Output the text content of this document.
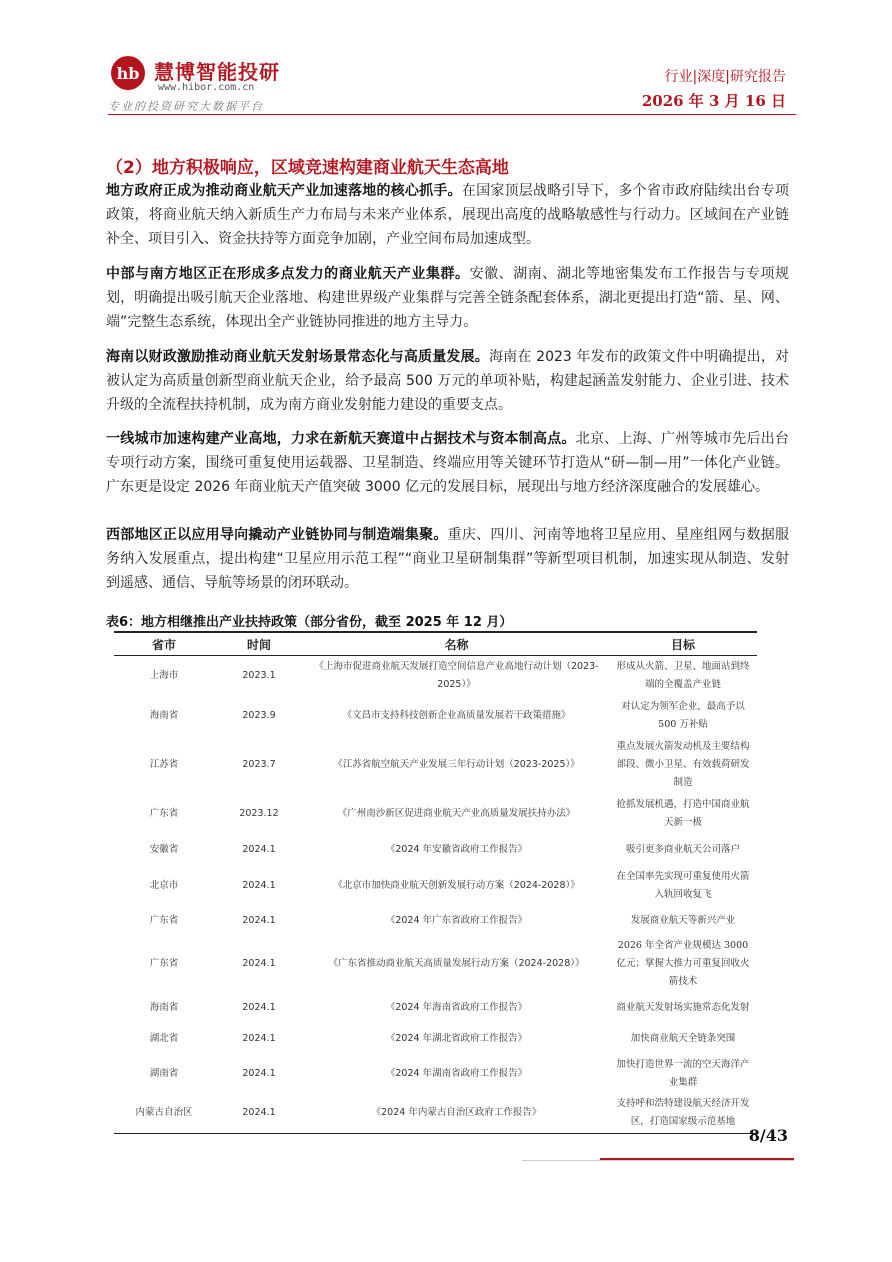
hb 慧博智能投研
www.hibor.com.cn
专业的投资研究大数据平台
行业|深度|研究报告
2026 年 3 月 16 日
（2）地方积极响应，区域竞速构建商业航天生态高地
地方政府正成为推动商业航天产业加速落地的核心抓手。在国家顶层战略引导下，多个省市政府陆续出台专项政策，将商业航天纳入新质生产力布局与未来产业体系，展现出高度的战略敏感性与行动力。区域间在产业链补全、项目引入、资金扶持等方面竞争加剧，产业空间布局加速成型。
中部与南方地区正在形成多点发力的商业航天产业集群。安徽、湖南、湖北等地密集发布工作报告与专项规划，明确提出吸引航天企业落地、构建世界级产业集群与完善全链条配套体系，湖北更提出打造“箭、星、网、端”完整生态系统，体现出全产业链协同推进的地方主导力。
海南以财政激励推动商业航天发射场景常态化与高质量发展。海南在 2023 年发布的政策文件中明确提出，对被认定为高质量创新型商业航天企业，给予最高 500 万元的单项补贴，构建起涵盖发射能力、企业引进、技术升级的全流程扶持机制，成为南方商业发射能力建设的重要支点。
一线城市加速构建产业高地，力求在新航天赛道中占据技术与资本制高点。北京、上海、广州等城市先后出台专项行动方案，围绕可重复使用运载器、卫星制造、终端应用等关键环节打造从“研—制—用”一体化产业链。广东更是设定 2026 年商业航天产值突破 3000 亿元的发展目标，展现出与地方经济深度融合的发展雄心。
西部地区正以应用导向撬动产业链协同与制造端集聚。重庆、四川、河南等地将卫星应用、星座组网与数据服务纳入发展重点，提出构建“卫星应用示范工程”“商业卫星研制集群”等新型项目机制，加速实现从制造、发射到遥感、通信、导航等场景的闭环联动。
表6：地方相继推出产业扶持政策（部分省份，截至 2025 年 12 月）
省市	时间	名称	目标
上海市	2023.1	《上海市促进商业航天发展打造空间信息产业高地行动计划（2023-2025）》	形成从火箭、卫星、地面站到终端的全覆盖产业链
海南省	2023.9	《文昌市支持科技创新企业高质量发展若干政策措施》	对认定为领军企业，最高予以 500 万补贴
江苏省	2023.7	《江苏省航空航天产业发展三年行动计划（2023-2025）》	重点发展火箭发动机及主要结构部段、微小卫星、有效载荷研发制造
广东省	2023.12	《广州南沙新区促进商业航天产业高质量发展扶持办法》	抢抓发展机遇，打造中国商业航天新一极
安徽省	2024.1	《2024 年安徽省政府工作报告》	吸引更多商业航天公司落户
北京市	2024.1	《北京市加快商业航天创新发展行动方案（2024-2028）》	在全国率先实现可重复使用火箭入轨回收复飞
广东省	2024.1	《2024 年广东省政府工作报告》	发展商业航天等新兴产业
广东省	2024.1	《广东省推动商业航天高质量发展行动方案（2024-2028）》	2026 年全省产业规模达 3000 亿元；掌握大推力可重复回收火箭技术
海南省	2024.1	《2024 年海南省政府工作报告》	商业航天发射场实施常态化发射
湖北省	2024.1	《2024 年湖北省政府工作报告》	加快商业航天全链条突围
湖南省	2024.1	《2024 年湖南省政府工作报告》	加快打造世界一流的空天海洋产业集群
内蒙古自治区	2024.1	《2024 年内蒙古自治区政府工作报告》	支持呼和浩特建设航天经济开发区，打造国家级示范基地
8/43
